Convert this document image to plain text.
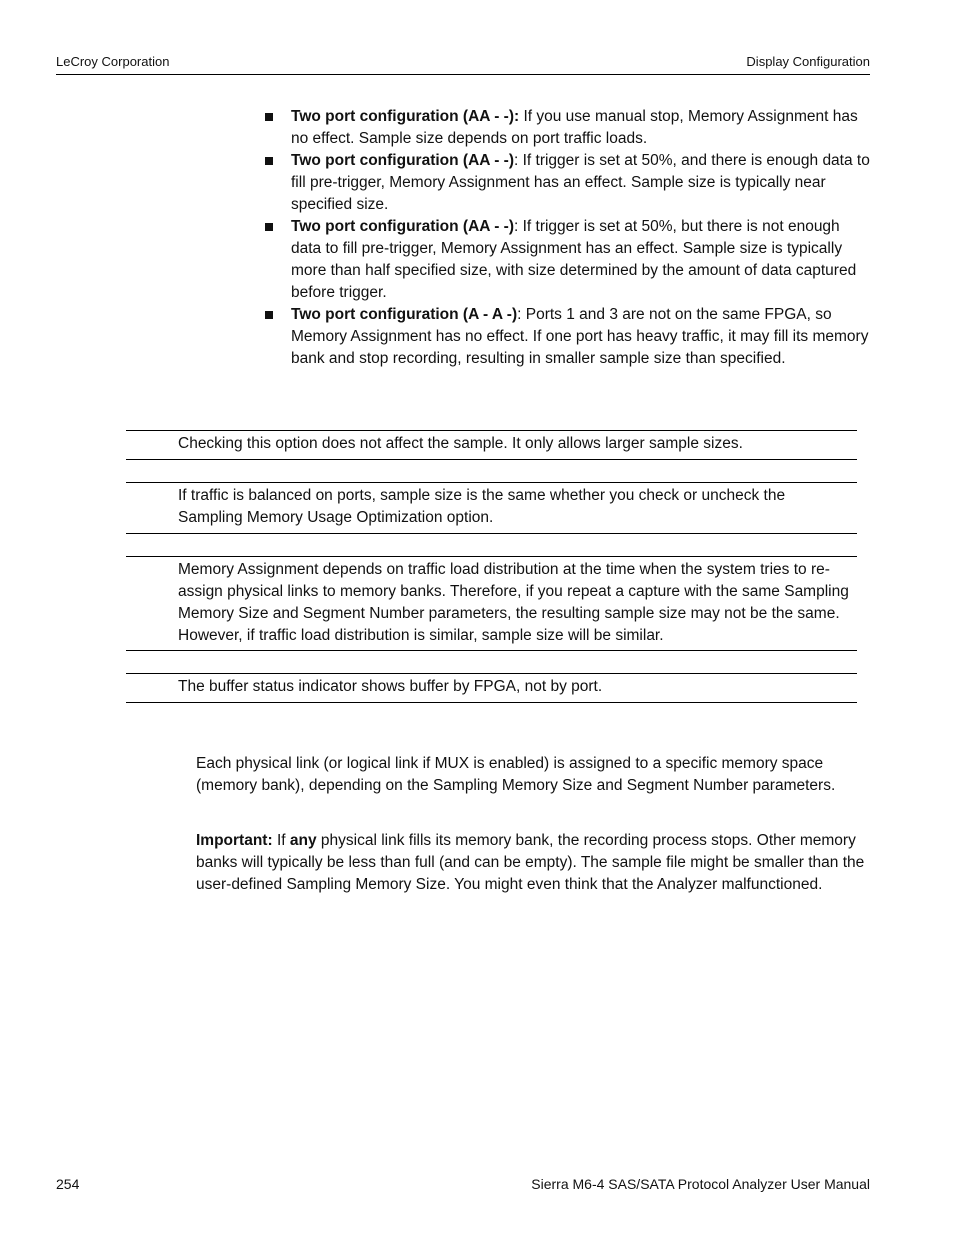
LeCroy Corporation	Display Configuration
Two port configuration (AA - -): If you use manual stop, Memory Assignment has no effect. Sample size depends on port traffic loads.
Two port configuration (AA - -): If trigger is set at 50%, and there is enough data to fill pre-trigger, Memory Assignment has an effect. Sample size is typically near specified size.
Two port configuration (AA - -): If trigger is set at 50%, but there is not enough data to fill pre-trigger, Memory Assignment has an effect. Sample size is typically more than half specified size, with size determined by the amount of data captured before trigger.
Two port configuration (A - A -): Ports 1 and 3 are not on the same FPGA, so Memory Assignment has no effect. If one port has heavy traffic, it may fill its memory bank and stop recording, resulting in smaller sample size than specified.
Checking this option does not affect the sample. It only allows larger sample sizes.
If traffic is balanced on ports, sample size is the same whether you check or uncheck the Sampling Memory Usage Optimization option.
Memory Assignment depends on traffic load distribution at the time when the system tries to re-assign physical links to memory banks. Therefore, if you repeat a capture with the same Sampling Memory Size and Segment Number parameters, the resulting sample size may not be the same. However, if traffic load distribution is similar, sample size will be similar.
The buffer status indicator shows buffer by FPGA, not by port.

Each physical link (or logical link if MUX is enabled) is assigned to a specific memory space (memory bank), depending on the Sampling Memory Size and Segment Number parameters.

Important: If any physical link fills its memory bank, the recording process stops. Other memory banks will typically be less than full (and can be empty). The sample file might be smaller than the user-defined Sampling Memory Size. You might even think that the Analyzer malfunctioned.

254	Sierra M6-4 SAS/SATA Protocol Analyzer User Manual
